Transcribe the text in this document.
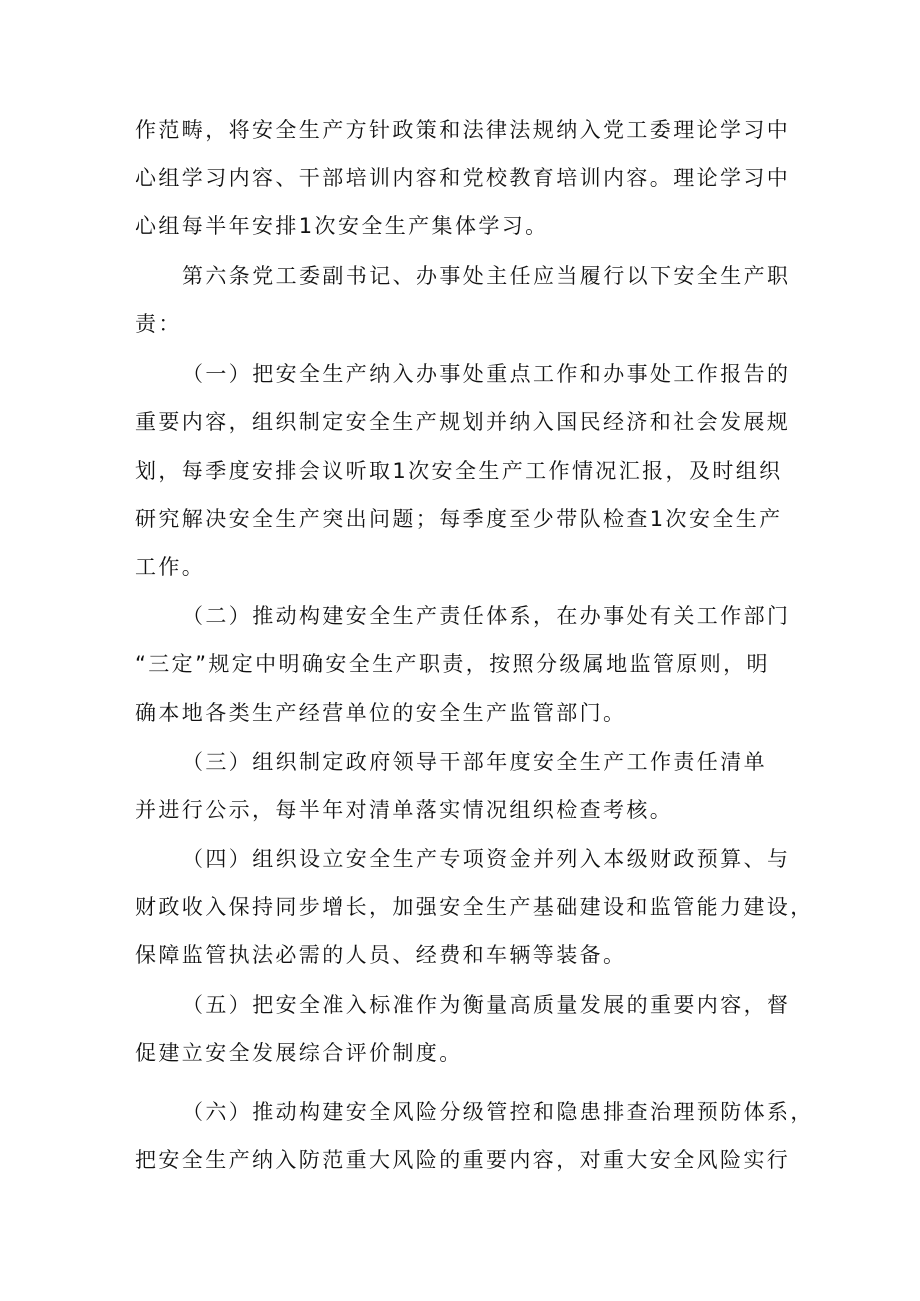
作范畴，将安全生产方针政策和法律法规纳入党工委理论学习中

心组学习内容、干部培训内容和党校教育培训内容。理论学习中

心组每半年安排1次安全生产集体学习。

第六条党工委副书记、办事处主任应当履行以下安全生产职

责：

（一）把安全生产纳入办事处重点工作和办事处工作报告的

重要内容，组织制定安全生产规划并纳入国民经济和社会发展规

划，每季度安排会议听取1次安全生产工作情况汇报，及时组织

研究解决安全生产突出问题；每季度至少带队检查1次安全生产

工作。

（二）推动构建安全生产责任体系，在办事处有关工作部门

“三定”规定中明确安全生产职责，按照分级属地监管原则，明

确本地各类生产经营单位的安全生产监管部门。

（三）组织制定政府领导干部年度安全生产工作责任清单

并进行公示，每半年对清单落实情况组织检查考核。

（四）组织设立安全生产专项资金并列入本级财政预算、与

财政收入保持同步增长，加强安全生产基础建设和监管能力建设，

保障监管执法必需的人员、经费和车辆等装备。

（五）把安全准入标准作为衡量高质量发展的重要内容，督

促建立安全发展综合评价制度。

（六）推动构建安全风险分级管控和隐患排查治理预防体系，

把安全生产纳入防范重大风险的重要内容，对重大安全风险实行
